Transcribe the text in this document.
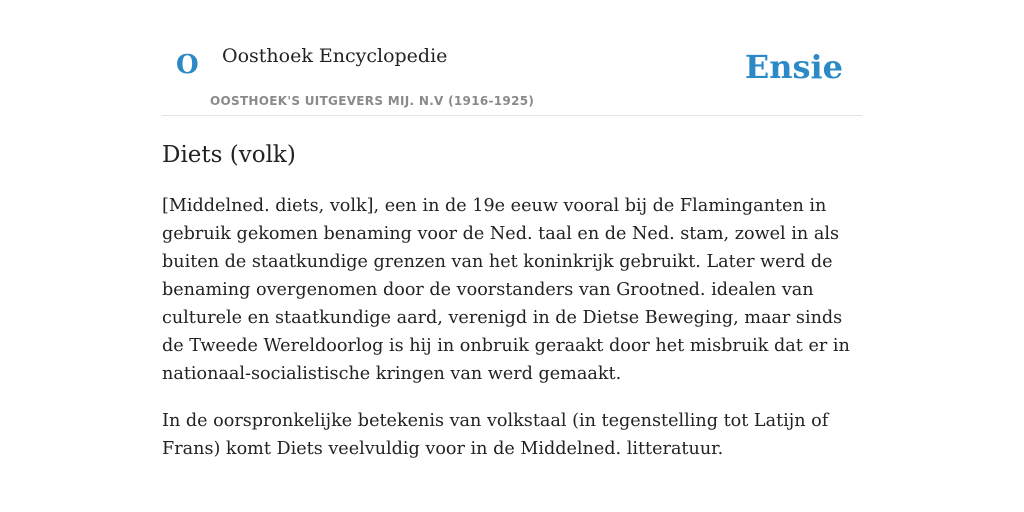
O Oosthoek Encyclopedie
OOSTHOEK'S UITGEVERS MIJ. N.V (1916-1925)
Ensie
Diets (volk)

[Middelned. diets, volk], een in de 19e eeuw vooral bij de Flaminganten in gebruik gekomen benaming voor de Ned. taal en de Ned. stam, zowel in als buiten de staatkundige grenzen van het koninkrijk gebruikt. Later werd de benaming overgenomen door de voorstanders van Grootned. idealen van culturele en staatkundige aard, verenigd in de Dietse Beweging, maar sinds de Tweede Wereldoorlog is hij in onbruik geraakt door het misbruik dat er in nationaal-socialistische kringen van werd gemaakt.

In de oorspronkelijke betekenis van volkstaal (in tegenstelling tot Latijn of Frans) komt Diets veelvuldig voor in de Middelned. litteratuur.
